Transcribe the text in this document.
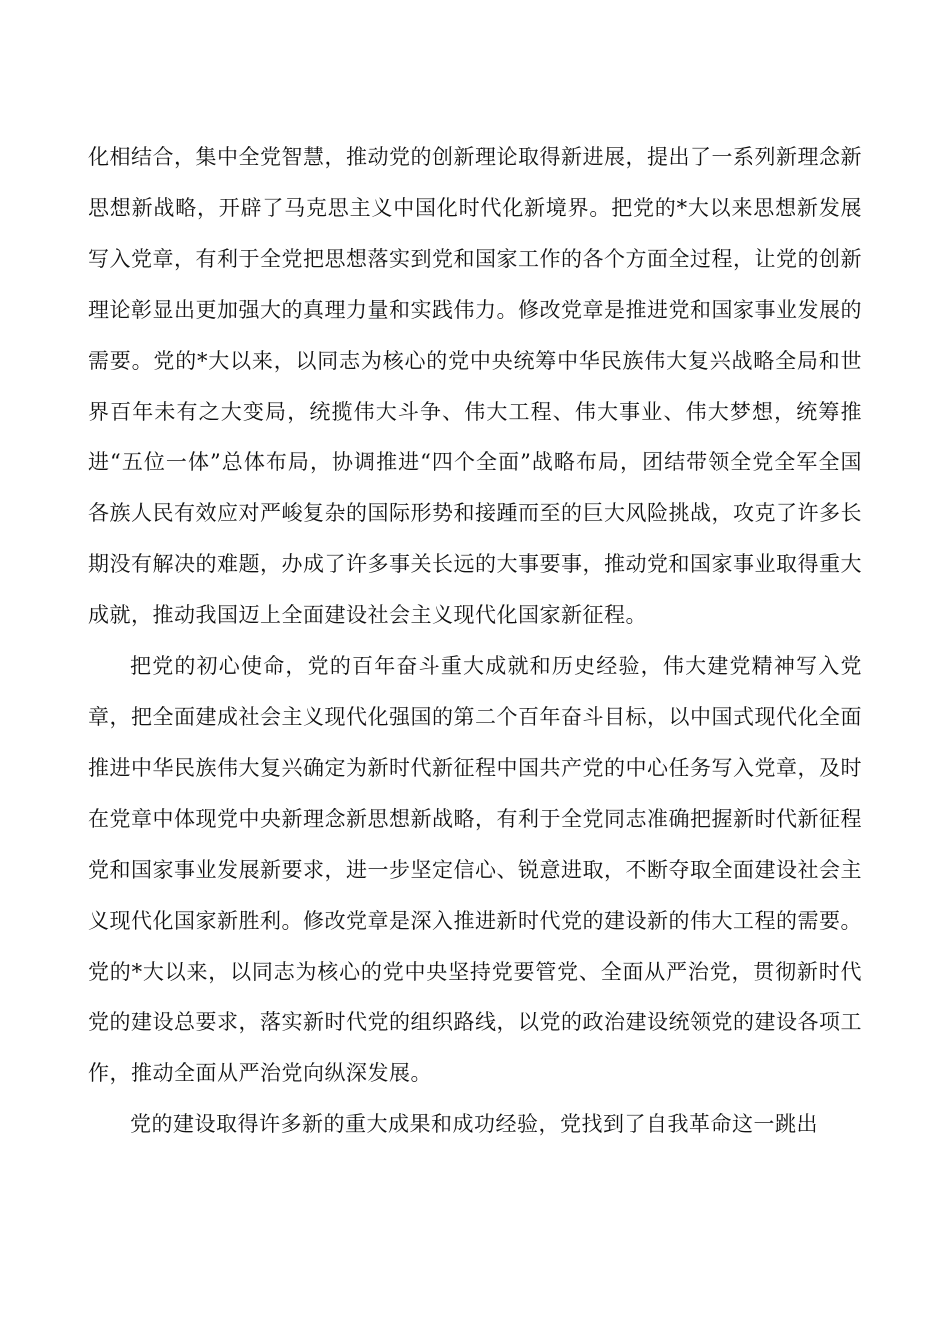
化相结合，集中全党智慧，推动党的创新理论取得新进展，提出了一系列新理念新思想新战略，开辟了马克思主义中国化时代化新境界。把党的*大以来思想新发展写入党章，有利于全党把思想落实到党和国家工作的各个方面全过程，让党的创新理论彰显出更加强大的真理力量和实践伟力。修改党章是推进党和国家事业发展的需要。党的*大以来，以同志为核心的党中央统筹中华民族伟大复兴战略全局和世界百年未有之大变局，统揽伟大斗争、伟大工程、伟大事业、伟大梦想，统筹推进“五位一体”总体布局，协调推进“四个全面”战略布局，团结带领全党全军全国各族人民有效应对严峻复杂的国际形势和接踵而至的巨大风险挑战，攻克了许多长期没有解决的难题，办成了许多事关长远的大事要事，推动党和国家事业取得重大成就，推动我国迈上全面建设社会主义现代化国家新征程。

把党的初心使命，党的百年奋斗重大成就和历史经验，伟大建党精神写入党章，把全面建成社会主义现代化强国的第二个百年奋斗目标，以中国式现代化全面推进中华民族伟大复兴确定为新时代新征程中国共产党的中心任务写入党章，及时在党章中体现党中央新理念新思想新战略，有利于全党同志准确把握新时代新征程党和国家事业发展新要求，进一步坚定信心、锐意进取，不断夺取全面建设社会主义现代化国家新胜利。修改党章是深入推进新时代党的建设新的伟大工程的需要。党的*大以来，以同志为核心的党中央坚持党要管党、全面从严治党，贯彻新时代党的建设总要求，落实新时代党的组织路线，以党的政治建设统领党的建设各项工作，推动全面从严治党向纵深发展。

党的建设取得许多新的重大成果和成功经验，党找到了自我革命这一跳出
